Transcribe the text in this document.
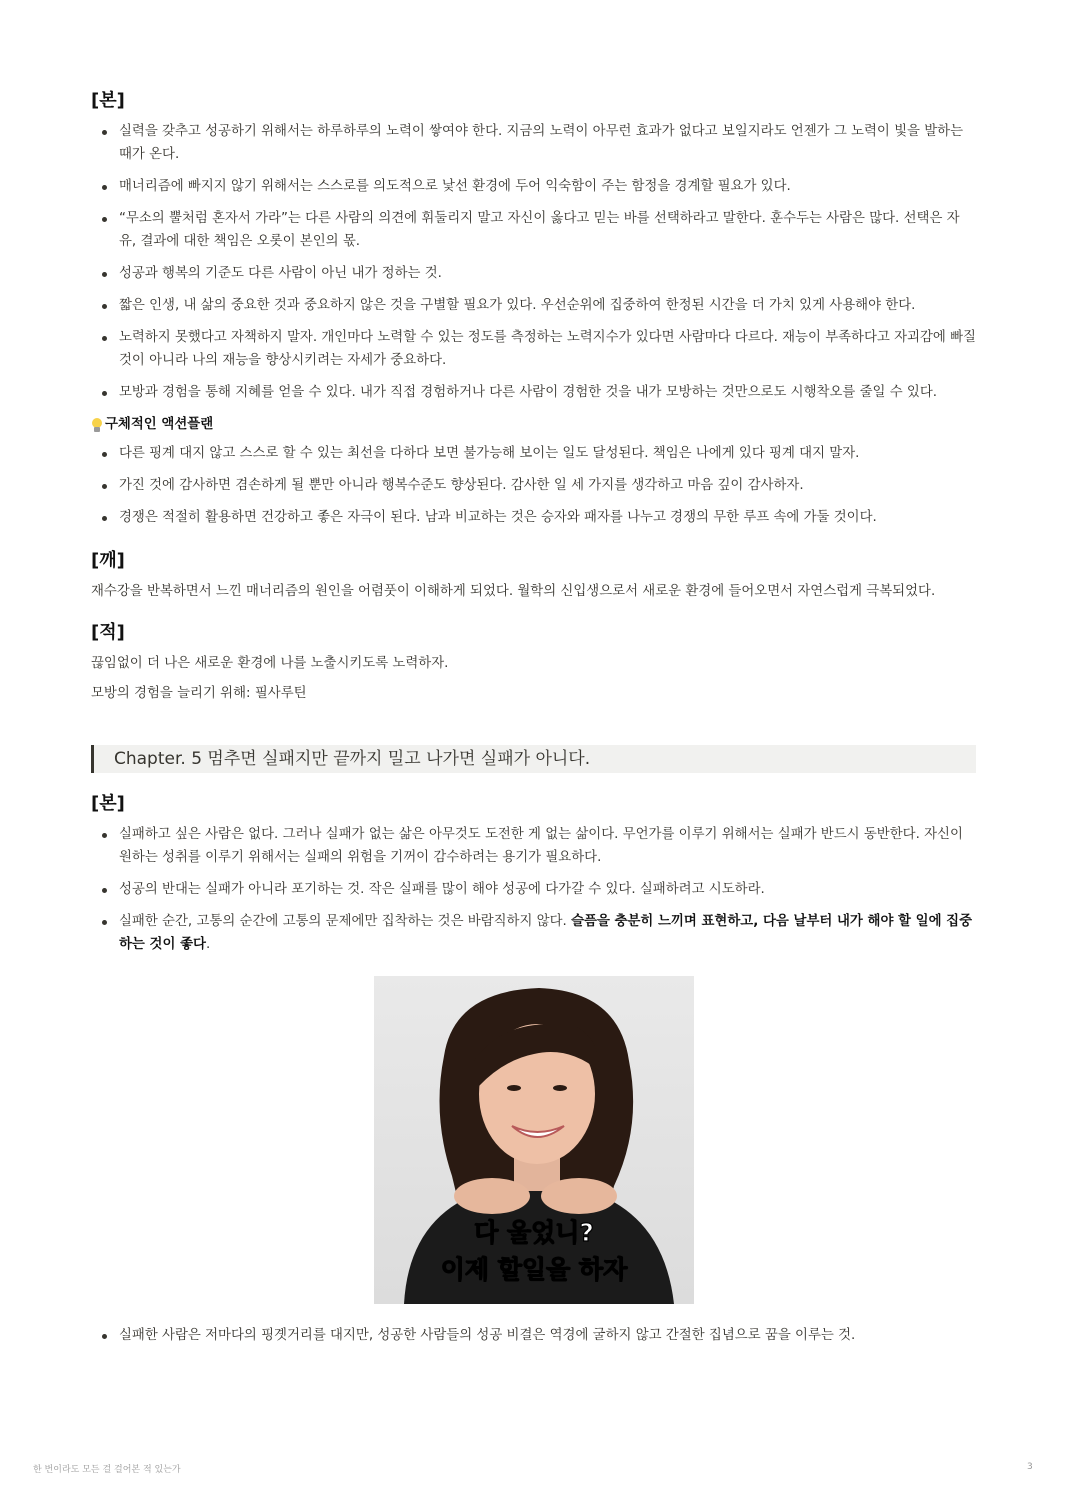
[본]
실력을 갖추고 성공하기 위해서는 하루하루의 노력이 쌓여야 한다. 지금의 노력이 아무런 효과가 없다고 보일지라도 언젠가 그 노력이 빛을 발하는 때가 온다.
매너리즘에 빠지지 않기 위해서는 스스로를 의도적으로 낯선 환경에 두어 익숙함이 주는 함정을 경계할 필요가 있다.
“무소의 뿔처럼 혼자서 가라”는 다른 사람의 의견에 휘둘리지 말고 자신이 옳다고 믿는 바를 선택하라고 말한다. 훈수두는 사람은 많다. 선택은 자유, 결과에 대한 책임은 오롯이 본인의 몫.
성공과 행복의 기준도 다른 사람이 아닌 내가 정하는 것.
짧은 인생, 내 삶의 중요한 것과 중요하지 않은 것을 구별할 필요가 있다. 우선순위에 집중하여 한정된 시간을 더 가치 있게 사용해야 한다.
노력하지 못했다고 자책하지 말자. 개인마다 노력할 수 있는 정도를 측정하는 노력지수가 있다면 사람마다 다르다. 재능이 부족하다고 자괴감에 빠질 것이 아니라 나의 재능을 향상시키려는 자세가 중요하다.
모방과 경험을 통해 지혜를 얻을 수 있다. 내가 직접 경험하거나 다른 사람이 경험한 것을 내가 모방하는 것만으로도 시행착오를 줄일 수 있다.
구체적인 액션플랜
다른 핑계 대지 않고 스스로 할 수 있는 최선을 다하다 보면 불가능해 보이는 일도 달성된다. 책임은 나에게 있다 핑계 대지 말자.
가진 것에 감사하면 겸손하게 될 뿐만 아니라 행복수준도 향상된다. 감사한 일 세 가지를 생각하고 마음 깊이 감사하자.
경쟁은 적절히 활용하면 건강하고 좋은 자극이 된다. 남과 비교하는 것은 승자와 패자를 나누고 경쟁의 무한 루프 속에 가둘 것이다.
[깨]

재수강을 반복하면서 느낀 매너리즘의 원인을 어렴풋이 이해하게 되었다. 월학의 신입생으로서 새로운 환경에 들어오면서 자연스럽게 극복되었다.

[적]

끊임없이 더 나은 새로운 환경에 나를 노출시키도록 노력하자.

모방의 경험을 늘리기 위해: 필사루틴

Chapter. 5 멈추면 실패지만 끝까지 밀고 나가면 실패가 아니다.
[본]
실패하고 싶은 사람은 없다. 그러나 실패가 없는 삶은 아무것도 도전한 게 없는 삶이다. 무언가를 이루기 위해서는 실패가 반드시 동반한다. 자신이 원하는 성취를 이루기 위해서는 실패의 위험을 기꺼이 감수하려는 용기가 필요하다.
성공의 반대는 실패가 아니라 포기하는 것. 작은 실패를 많이 해야 성공에 다가갈 수 있다. 실패하려고 시도하라.
실패한 순간, 고통의 순간에 고통의 문제에만 집착하는 것은 바람직하지 않다. 슬픔을 충분히 느끼며 표현하고, 다음 날부터 내가 해야 할 일에 집중하는 것이 좋다.
다 울었니?
이제 할일을 하자
실패한 사람은 저마다의 핑곗거리를 대지만, 성공한 사람들의 성공 비결은 역경에 굴하지 않고 간절한 집념으로 꿈을 이루는 것.
한 번이라도 모든 걸 걸어본 적 있는가	3
